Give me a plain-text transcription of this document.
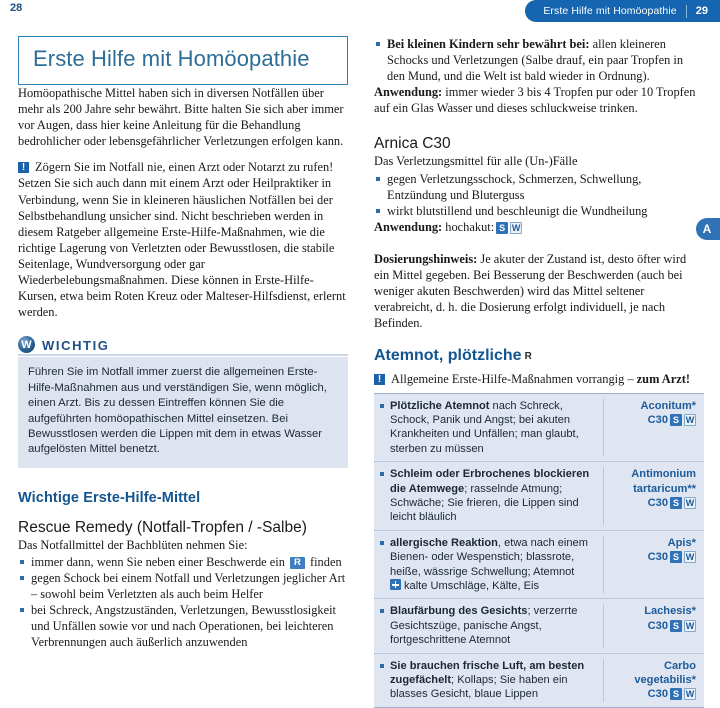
28	Erste Hilfe mit Homöopathie 29
Erste Hilfe mit Homöopathie

Homöopathische Mittel haben sich in diversen Notfällen über mehr als 200 Jahre sehr bewährt. Bitte halten Sie sich aber immer vor Augen, dass hier keine Anleitung für die Behandlung bedrohlicher oder lebensgefährlicher Verletzungen erfolgen kann.

!
Zögern Sie im Notfall nie, einen Arzt oder Notarzt zu rufen!

Setzen Sie sich auch dann mit einem Arzt oder Heilpraktiker in Verbindung, wenn Sie in kleineren häuslichen Notfällen bei der Selbstbehandlung unsicher sind. Nicht beschrieben werden in diesem Ratgeber allgemeine Erste-Hilfe-Maßnahmen, wie die richtige Lagerung von Verletzten oder Bewusstlosen, die stabile Seitenlage, Wundversorgung oder gar Wiederbelebungsmaßnahmen. Diese können in Erste-Hilfe-Kursen, etwa beim Roten Kreuz oder Malteser-Hilfsdienst, erlernt werden.

W
WICHTIG
Führen Sie im Notfall immer zuerst die allgemeinen Erste-Hilfe-Maßnahmen aus und verständigen Sie, wenn möglich, einen Arzt. Bis zu dessen Eintreffen können Sie die aufgeführten homöopathischen Mittel einsetzen. Bei Bewusstlosen werden die Lippen mit dem in etwas Wasser aufgelösten Mittel benetzt.
Wichtige Erste-Hilfe-Mittel
Rescue Remedy (Notfall-Tropfen / -Salbe)

Das Notfallmittel der Bachblüten nehmen Sie:

immer dann, wenn Sie neben einer Beschwerde ein R finden
gegen Schock bei einem Notfall und Verletzungen jeglicher Art – sowohl beim Verletzten als auch beim Helfer
bei Schreck, Angstzuständen, Verletzungen, Bewusstlosigkeit und Unfällen sowie vor und nach Operationen, bei leichteren Verbrennungen auch äußerlich anzuwenden
Bei kleinen Kindern sehr bewährt bei: allen kleineren Schocks und Verletzungen (Salbe drauf, ein paar Tropfen in den Mund, und die Welt ist bald wieder in Ordnung).

Anwendung: immer wieder 3 bis 4 Tropfen pur oder 10 Tropfen auf ein Glas Wasser und dieses schluckweise trinken.

Arnica C30

Das Verletzungsmittel für alle (Un-)Fälle

gegen Verletzungsschock, Schmerzen, Schwellung, Entzündung und Bluterguss
wirkt blutstillend und beschleunigt die Wundheilung

Anwendung: hochakut: S W

Dosierungshinweis: Je akuter der Zustand ist, desto öfter wird ein Mittel gegeben. Bei Besserung der Beschwerden (auch bei weniger akuten Beschwerden) wird das Mittel seltener verabreicht, d. h. die Dosierung erfolgt individuell, je nach Befinden.

Atemnot, plötzliche R
!
Allgemeine Erste-Hilfe-Maßnahmen vorrangig – zum Arzt!
Plötzliche Atemnot nach Schreck, Schock, Panik und Angst; bei akuten Krankheiten und Unfällen; man glaubt, sterben zu müssen
Aconitum*
C30 S W
Schleim oder Erbrochenes blockieren die Atemwege; rasselnde Atmung; Schwäche; Sie frieren, die Lippen sind leicht bläulich
Antimonium tartaricum**
C30 S W
allergische Reaktion, etwa nach einem Bienen- oder Wespenstich; blassrote, heiße, wässrige Schwellung; Atemnot
kalte Umschläge, Kälte, Eis
Apis*
C30 S W
Blaufärbung des Gesichts; verzerrte Gesichtszüge, panische Angst, fortgeschrittene Atemnot
Lachesis*
C30 S W
Sie brauchen frische Luft, am besten zugefächelt; Kollaps; Sie haben ein blasses Gesicht, blaue Lippen
Carbo vegetabilis*
C30 S W
A
